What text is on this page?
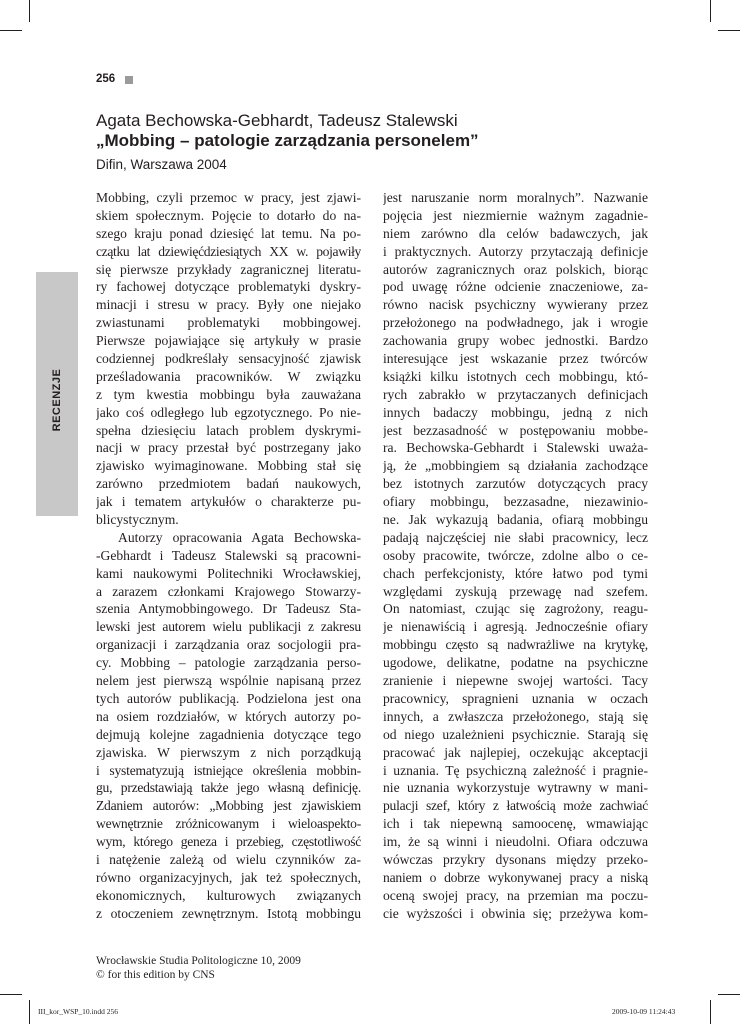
256
RECENZJE
Agata Bechowska-Gebhardt, Tadeusz Stalewski
„Mobbing – patologie zarządzania personelem”
Difin, Warszawa 2004
Mobbing, czyli przemoc w pracy, jest zjawi-
skiem społecznym. Pojęcie to dotarło do na-
szego kraju ponad dziesięć lat temu. Na po-
czątku lat dziewięćdziesiątych XX w. pojawiły
się pierwsze przykłady zagranicznej literatu-
ry fachowej dotyczące problematyki dyskry-
minacji i stresu w pracy. Były one niejako
zwiastunami problematyki mobbingowej.
Pierwsze pojawiające się artykuły w prasie
codziennej podkreślały sensacyjność zjawisk
prześladowania pracowników. W związku
z tym kwestia mobbingu była zauważana
jako coś odległego lub egzotycznego. Po nie-
spełna dziesięciu latach problem dyskrymi-
nacji w pracy przestał być postrzegany jako
zjawisko wyimaginowane. Mobbing stał się
zarówno przedmiotem badań naukowych,
jak i tematem artykułów o charakterze pu-
blicystycznym.
Autorzy opracowania Agata Bechowska-
-Gebhardt i Tadeusz Stalewski są pracowni-
kami naukowymi Politechniki Wrocławskiej,
a zarazem członkami Krajowego Stowarzy-
szenia Antymobbingowego. Dr Tadeusz Sta-
lewski jest autorem wielu publikacji z zakresu
organizacji i zarządzania oraz socjologii pra-
cy. Mobbing – patologie zarządzania perso-
nelem jest pierwszą wspólnie napisaną przez
tych autorów publikacją. Podzielona jest ona
na osiem rozdziałów, w których autorzy po-
dejmują kolejne zagadnienia dotyczące tego
zjawiska. W pierwszym z nich porządkują
i systematyzują istniejące określenia mobbin-
gu, przedstawiają także jego własną definicję.
Zdaniem autorów: „Mobbing jest zjawiskiem
wewnętrznie zróżnicowanym i wieloaspekto-
wym, którego geneza i przebieg, częstotliwość
i natężenie zależą od wielu czynników za-
równo organizacyjnych, jak też społecznych,
ekonomicznych, kulturowych związanych
z otoczeniem zewnętrznym. Istotą mobbingu
jest naruszanie norm moralnych”. Nazwanie
pojęcia jest niezmiernie ważnym zagadnie-
niem zarówno dla celów badawczych, jak
i praktycznych. Autorzy przytaczają definicje
autorów zagranicznych oraz polskich, biorąc
pod uwagę różne odcienie znaczeniowe, za-
równo nacisk psychiczny wywierany przez
przełożonego na podwładnego, jak i wrogie
zachowania grupy wobec jednostki. Bardzo
interesujące jest wskazanie przez twórców
książki kilku istotnych cech mobbingu, któ-
rych zabrakło w przytaczanych definicjach
innych badaczy mobbingu, jedną z nich
jest bezzasadność w postępowaniu mobbe-
ra. Bechowska-Gebhardt i Stalewski uważa-
ją, że „mobbingiem są działania zachodzące
bez istotnych zarzutów dotyczących pracy
ofiary mobbingu, bezzasadne, niezawinio-
ne. Jak wykazują badania, ofiarą mobbingu
padają najczęściej nie słabi pracownicy, lecz
osoby pracowite, twórcze, zdolne albo o ce-
chach perfekcjonisty, które łatwo pod tymi
względami zyskują przewagę nad szefem.
On natomiast, czując się zagrożony, reagu-
je nienawiścią i agresją. Jednocześnie ofiary
mobbingu często są nadwrażliwe na krytykę,
ugodowe, delikatne, podatne na psychiczne
zranienie i niepewne swojej wartości. Tacy
pracownicy, spragnieni uznania w oczach
innych, a zwłaszcza przełożonego, stają się
od niego uzależnieni psychicznie. Starają się
pracować jak najlepiej, oczekując akceptacji
i uznania. Tę psychiczną zależność i pragnie-
nie uznania wykorzystuje wytrawny w mani-
pulacji szef, który z łatwością może zachwiać
ich i tak niepewną samoocenę, wmawiając
im, że są winni i nieudolni. Ofiara odczuwa
wówczas przykry dysonans między przeko-
naniem o dobrze wykonywanej pracy a niską
oceną swojej pracy, na przemian ma poczu-
cie wyższości i obwinia się; przeżywa kom-
Wrocławskie Studia Politologiczne 10, 2009
© for this edition by CNS
III_kor_WSP_10.indd 256	2009-10-09 11:24:43
